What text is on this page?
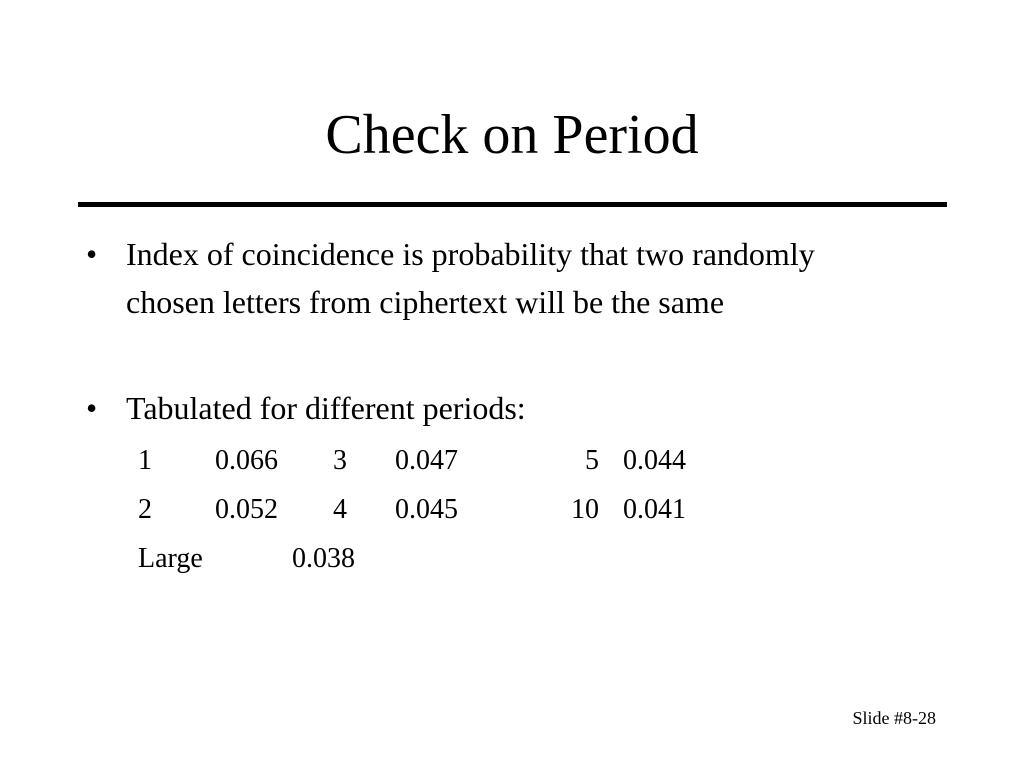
Check on Period
• Index of coincidence is probability that two randomly chosen letters from ciphertext will be the same
• Tabulated for different periods:
1	0.066	3	0.047	5	0.044
2	0.052	4	0.045	10	0.041
Large	0.038
Slide #8-28
